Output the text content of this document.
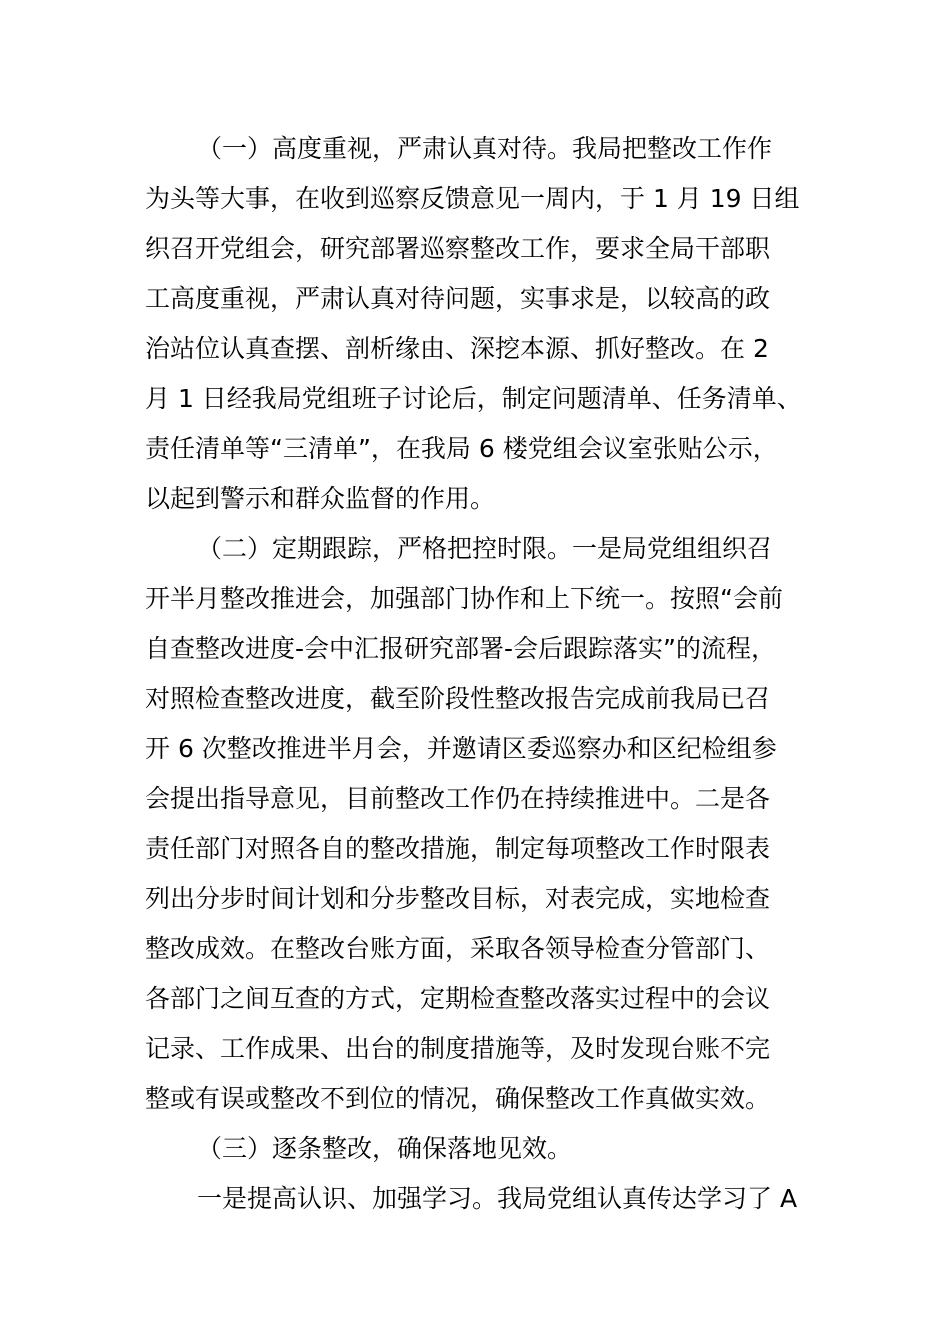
（一）高度重视，严肃认真对待。我局把整改工作作
为头等大事，在收到巡察反馈意见一周内，于 1 月 19 日组
织召开党组会，研究部署巡察整改工作，要求全局干部职
工高度重视，严肃认真对待问题，实事求是，以较高的政
治站位认真查摆、剖析缘由、深挖本源、抓好整改。在 2
月 1 日经我局党组班子讨论后，制定问题清单、任务清单、
责任清单等“三清单”，在我局 6 楼党组会议室张贴公示，
以起到警示和群众监督的作用。
（二）定期跟踪，严格把控时限。一是局党组组织召
开半月整改推进会，加强部门协作和上下统一。按照“会前
自查整改进度-会中汇报研究部署-会后跟踪落实”的流程，
对照检查整改进度，截至阶段性整改报告完成前我局已召
开 6 次整改推进半月会，并邀请区委巡察办和区纪检组参
会提出指导意见，目前整改工作仍在持续推进中。二是各
责任部门对照各自的整改措施，制定每项整改工作时限表
列出分步时间计划和分步整改目标，对表完成，实地检查
整改成效。在整改台账方面，采取各领导检查分管部门、
各部门之间互查的方式，定期检查整改落实过程中的会议
记录、工作成果、出台的制度措施等，及时发现台账不完
整或有误或整改不到位的情况，确保整改工作真做实效。
（三）逐条整改，确保落地见效。
一是提高认识、加强学习。我局党组认真传达学习了 A
